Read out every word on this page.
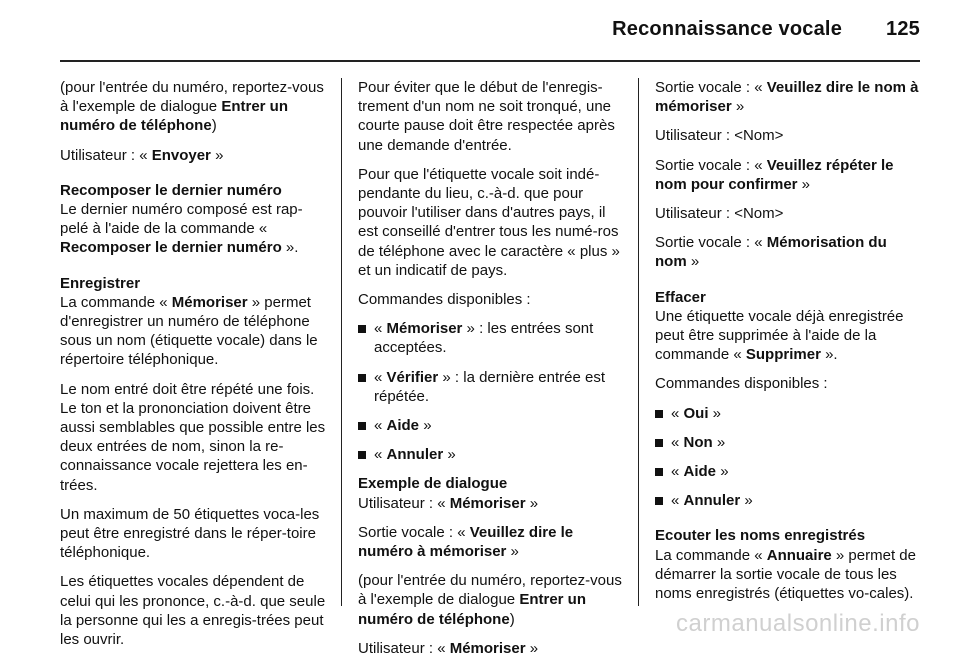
Reconnaissance vocale 125

(pour l'entrée du numéro, reportez-vous à l'exemple de dialogue Entrer un numéro de téléphone)

Utilisateur : « Envoyer »

Recomposer le dernier numéro

Le dernier numéro composé est rap-pelé à l'aide de la commande « Recomposer le dernier numéro ».

Enregistrer

La commande « Mémoriser » permet d'enregistrer un numéro de téléphone sous un nom (étiquette vocale) dans le répertoire téléphonique.

Le nom entré doit être répété une fois. Le ton et la prononciation doivent être aussi semblables que possible entre les deux entrées de nom, sinon la re-connaissance vocale rejettera les en-trées.

Un maximum de 50 étiquettes voca-les peut être enregistré dans le réper-toire téléphonique.

Les étiquettes vocales dépendent de celui qui les prononce, c.-à-d. que seule la personne qui les a enregis-trées peut les ouvrir.

Pour éviter que le début de l'enregis-trement d'un nom ne soit tronqué, une courte pause doit être respectée après une demande d'entrée.

Pour que l'étiquette vocale soit indé-pendante du lieu, c.-à-d. que pour pouvoir l'utiliser dans d'autres pays, il est conseillé d'entrer tous les numé-ros de téléphone avec le caractère « plus » et un indicatif de pays.

Commandes disponibles :

« Mémoriser » : les entrées sont acceptées.
« Vérifier » : la dernière entrée est répétée.
« Aide »
« Annuler »
Exemple de dialogue

Utilisateur : « Mémoriser »

Sortie vocale : « Veuillez dire le numéro à mémoriser »

(pour l'entrée du numéro, reportez-vous à l'exemple de dialogue Entrer un numéro de téléphone)

Utilisateur : « Mémoriser »

Sortie vocale : « Veuillez dire le nom à mémoriser »

Utilisateur : <Nom>

Sortie vocale : « Veuillez répéter le nom pour confirmer »

Utilisateur : <Nom>

Sortie vocale : « Mémorisation du nom »

Effacer

Une étiquette vocale déjà enregistrée peut être supprimée à l'aide de la commande « Supprimer ».

Commandes disponibles :

« Oui »
« Non »
« Aide »
« Annuler »
Ecouter les noms enregistrés

La commande « Annuaire » permet de démarrer la sortie vocale de tous les noms enregistrés (étiquettes vo-cales).

carmanualsonline.info
